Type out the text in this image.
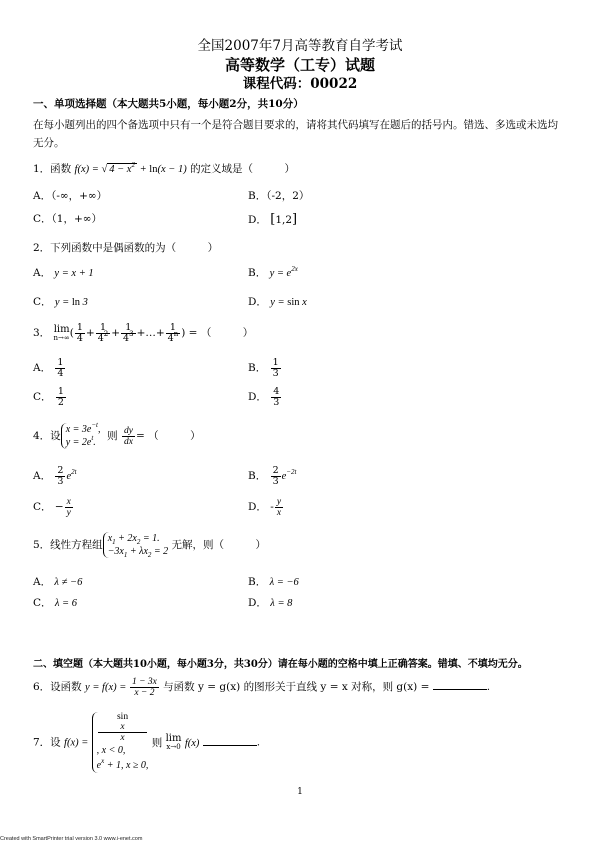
全国2007年7月高等教育自学考试
高等数学（工专）试题
课程代码：00022
一、单项选择题（本大题共5小题，每小题2分，共10分）
在每小题列出的四个备选项中只有一个是符合题目要求的，请将其代码填写在题后的括号内。错选、多选或未选均
无分。
1．函数 f(x) = √ $4 - x^2 + \ln(x - 1)$ 的定义域是（　　　）
A．（-∞，+∞）	B．（-2，2）
C．（1，+∞）	D． [1,2]
2．下列函数中是偶函数的为（　　　）
A． y = x + 1	B． $y = e^{2x}$
C． y = ln 3	D． y = sin x
3． lim
n→∞ ( $\frac{1}{4} + \frac{1}{4^2} + \frac{1}{4^3}$ +…+ $\frac{1}{4^n}$ ) = （　　　）
A． $\frac{1}{4}$	B． $\frac{1}{3}$
C． $\frac{1}{2}$	D． $\frac{4}{3}$
4．设
$x = 3e^{-t}$,
$y = 2e^t$.
则 $\frac{dy}{dx}$ = （　　　）
A． $\frac{2}{3} e^{2t}$	B． $\frac{2}{3} e^{-2t}$
C． − $\frac{x}{y}$	D． - $\frac{y}{x}$
5．线性方程组
$x_1 + 2x_2 = 1$.
$-3x_1 + \lambda x_2 = 2$
无解，则（　　　）
A． λ ≠ −6	B． λ = −6
C． λ = 6	D． λ = 8
二、填空题（本大题共10小题，每小题3分，共30分）请在每小题的空格中填上正确答案。错填、不填均无分。
6．设函数 $y = f(x) = \frac{1 - 3x}{x - 2}$ 与函数 y = g(x) 的图形关于直线 y = x 对称，则 g(x) =	.
7．设 f(x) =
sin
x
x
, x < 0,
$e^x + 1$, x ≥ 0,
则 lim
x→0 f(x)	.
1
Created with SmartPrinter trial version 3.0 www.i-enet.com
